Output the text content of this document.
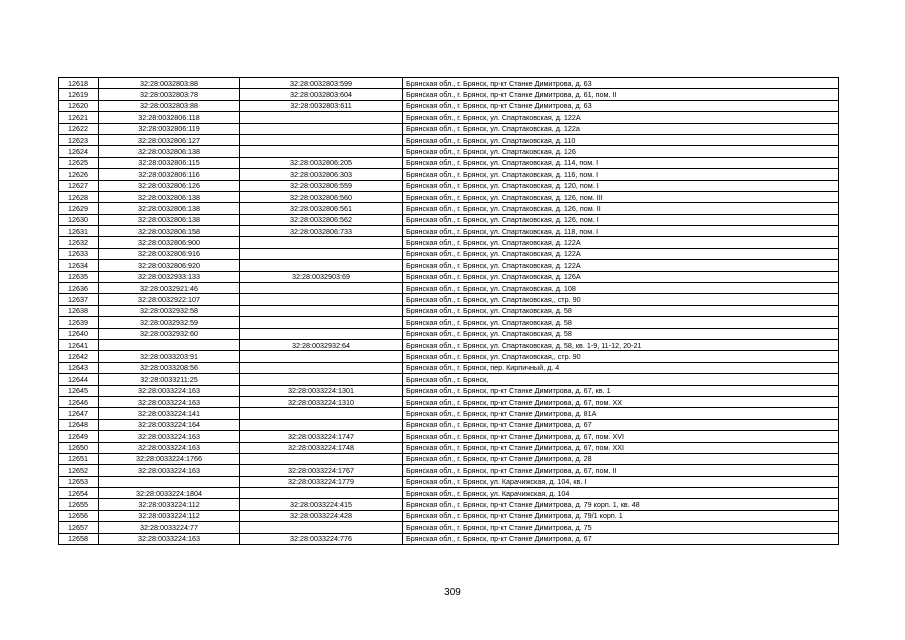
12618	32:28:0032803:88	32:28:0032803:599	Брянская обл., г. Брянск, пр-кт Станке Димитрова, д. 63
12619	32:28:0032803:78	32:28:0032803:604	Брянская обл., г. Брянск, пр-кт Станке Димитрова, д. 61, пом. II
12620	32:28:0032803:88	32:28:0032803:611	Брянская обл., г. Брянск, пр-кт Станке Димитрова, д. 63
12621	32:28:0032806:118		Брянская обл., г. Брянск, ул. Спартаковская, д. 122А
12622	32:28:0032806:119		Брянская обл., г. Брянск, ул. Спартаковская, д. 122а
12623	32:28:0032806:127		Брянская обл., г. Брянск, ул. Спартаковская, д. 110
12624	32:28:0032806:138		Брянская обл., г. Брянск, ул. Спартаковская, д. 126
12625	32:28:0032806:115	32:28:0032806:205	Брянская обл., г. Брянск, ул. Спартаковская, д. 114, пом. I
12626	32:28:0032806:116	32:28:0032806:303	Брянская обл., г. Брянск, ул. Спартаковская, д. 116, пом. I
12627	32:28:0032806:126	32:28:0032806:559	Брянская обл., г. Брянск, ул. Спартаковская, д. 120, пом. I
12628	32:28:0032806:138	32:28:0032806:560	Брянская обл., г. Брянск, ул. Спартаковская, д. 126, пом. III
12629	32:28:0032806:138	32:28:0032806:561	Брянская обл., г. Брянск, ул. Спартаковская, д. 126, пом. II
12630	32:28:0032806:138	32:28:0032806:562	Брянская обл., г. Брянск, ул. Спартаковская, д. 126, пом. I
12631	32:28:0032806:158	32:28:0032806:733	Брянская обл., г. Брянск, ул. Спартаковская, д. 118, пом. I
12632	32:28:0032806:900		Брянская обл., г. Брянск, ул. Спартаковская, д. 122А
12633	32:28:0032806:916		Брянская обл., г. Брянск, ул. Спартаковская, д. 122А
12634	32:28:0032806:920		Брянская обл., г. Брянск, ул. Спартаковская, д. 122А
12635	32:28:0032933:133	32:28:0032903:69	Брянская обл., г. Брянск, ул. Спартаковская, д. 126А
12636	32:28:0032921:46		Брянская обл., г. Брянск, ул. Спартаковская, д. 108
12637	32:28:0032922:107		Брянская обл., г. Брянск, ул. Спартаковская,, стр. 90
12638	32:28:0032932:58		Брянская обл., г. Брянск, ул. Спартаковская, д. 58
12639	32:28:0032932:59		Брянская обл., г. Брянск, ул. Спартаковская, д. 58
12640	32:28:0032932:60		Брянская обл., г. Брянск, ул. Спартаковская, д. 58
12641		32:28:0032932:64	Брянская обл., г. Брянск, ул. Спартаковская, д. 58, кв. 1-9, 11-12, 20-21
12642	32:28:0033203:91		Брянская обл., г. Брянск, ул. Спартаковская,, стр. 90
12643	32:28:0033208:56		Брянская обл., г. Брянск, пер. Кирпичный, д. 4
12644	32:28:0033211:25		Брянская обл., г. Брянск,
12645	32:28:0033224:163	32:28:0033224:1301	Брянская обл., г. Брянск, пр-кт Станке Димитрова, д. 67, кв. 1
12646	32:28:0033224:163	32:28:0033224:1310	Брянская обл., г. Брянск, пр-кт Станке Димитрова, д. 67, пом. XX
12647	32:28:0033224:141		Брянская обл., г. Брянск, пр-кт Станке Димитрова, д. 81А
12648	32:28:0033224:164		Брянская обл., г. Брянск, пр-кт Станке Димитрова, д. 67
12649	32:28:0033224:163	32:28:0033224:1747	Брянская обл., г. Брянск, пр-кт Станке Димитрова, д. 67, пом. XVI
12650	32:28:0033224:163	32:28:0033224:1748	Брянская обл., г. Брянск, пр-кт Станке Димитрова, д. 67, пом. XXI
12651	32:28:0033224:1766		Брянская обл., г. Брянск, пр-кт Станке Димитрова, д. 28
12652	32:28:0033224:163	32:28:0033224:1767	Брянская обл., г. Брянск, пр-кт Станке Димитрова, д. 67, пом. II
12653		32:28:0033224:1779	Брянская обл., г. Брянск, ул. Карачижская, д. 104, кв. I
12654	32:28:0033224:1804		Брянская обл., г. Брянск, ул. Карачижская, д. 104
12655	32:28:0033224:112	32:28:0033224:415	Брянская обл., г. Брянск, пр-кт Станке Димитрова, д. 79 корп. 1, кв. 48
12656	32:28:0033224:112	32:28:0033224:428	Брянская обл., г. Брянск, пр-кт Станке Димитрова, д. 79/1 корп. 1
12657	32:28:0033224:77		Брянская обл., г. Брянск, пр-кт Станке Димитрова, д. 75
12658	32:28:0033224:163	32:28:0033224:776	Брянская обл., г. Брянск, пр-кт Станке Димитрова, д. 67
309
